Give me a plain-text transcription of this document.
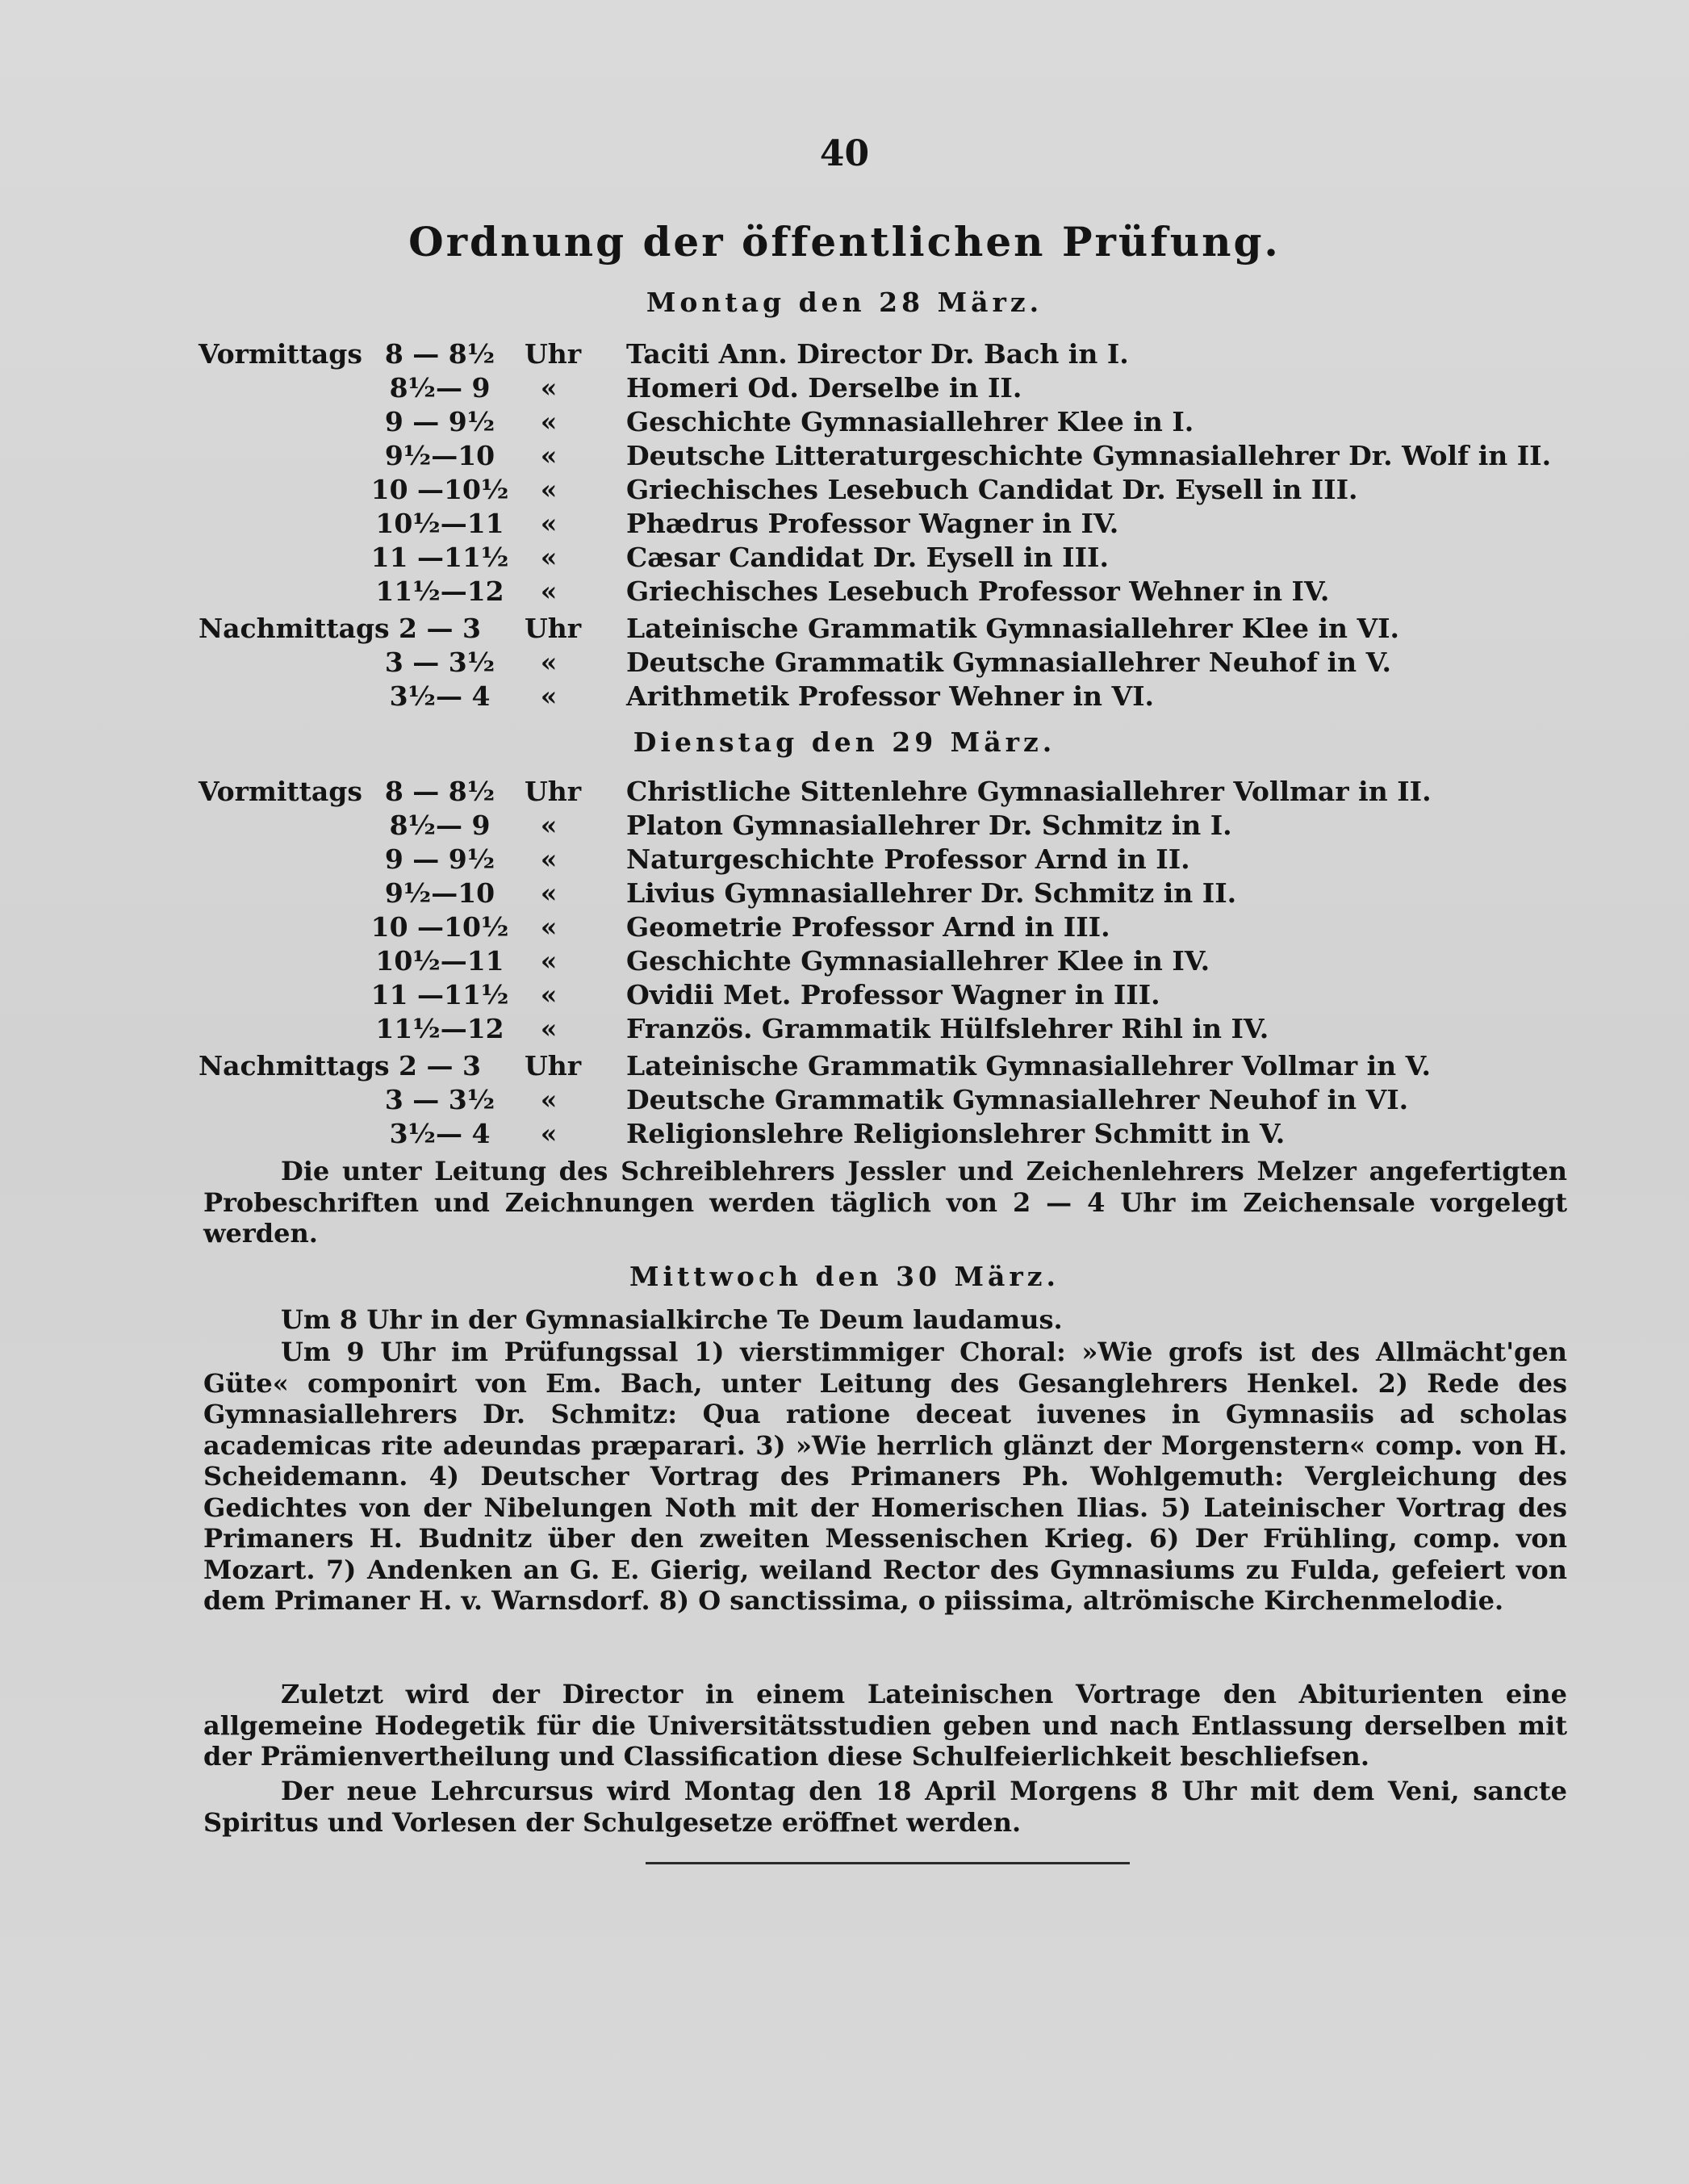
40
Ordnung der öffentlichen Prüfung.
Montag den 28 März.
Vormittags 8 — 8½	Uhr Taciti Ann. Director Dr. Bach in I.
8½— 9	«	Homeri Od. Derselbe in II.
9 — 9½	«	Geschichte Gymnasiallehrer Klee in I.
9½—10	«	Deutsche Litteraturgeschichte Gymnasiallehrer Dr. Wolf in II.
10 —10½	«	Griechisches Lesebuch Candidat Dr. Eysell in III.
10½—11	«	Phædrus Professor Wagner in IV.
11 —11½	«	Cæsar Candidat Dr. Eysell in III.
11½—12	«	Griechisches Lesebuch Professor Wehner in IV.
Nachmittags 2 — 3	Uhr Lateinische Grammatik Gymnasiallehrer Klee in VI.
3 — 3½	«	Deutsche Grammatik Gymnasiallehrer Neuhof in V.
3½— 4	«	Arithmetik Professor Wehner in VI.
Dienstag den 29 März.
Vormittags 8 — 8½	Uhr Christliche Sittenlehre Gymnasiallehrer Vollmar in II.
8½— 9	«	Platon Gymnasiallehrer Dr. Schmitz in I.
9 — 9½	«	Naturgeschichte Professor Arnd in II.
9½—10	«	Livius Gymnasiallehrer Dr. Schmitz in II.
10 —10½	«	Geometrie Professor Arnd in III.
10½—11	«	Geschichte Gymnasiallehrer Klee in IV.
11 —11½	«	Ovidii Met. Professor Wagner in III.
11½—12	«	Französ. Grammatik Hülfslehrer Rihl in IV.
Nachmittags 2 — 3	Uhr Lateinische Grammatik Gymnasiallehrer Vollmar in V.
3 — 3½	«	Deutsche Grammatik Gymnasiallehrer Neuhof in VI.
3½— 4	«	Religionslehre Religionslehrer Schmitt in V.

Die unter Leitung des Schreiblehrers Jessler und Zeichenlehrers Melzer angefertigten Probeschriften und Zeichnungen werden täglich von 2 — 4 Uhr im Zeichensale vorgelegt werden.

Mittwoch den 30 März.

Um 8 Uhr in der Gymnasialkirche Te Deum laudamus.

Um 9 Uhr im Prüfungssal 1) vierstimmiger Choral: »Wie grofs ist des Allmächt'gen Güte« componirt von Em. Bach, unter Leitung des Gesanglehrers Henkel. 2) Rede des Gymnasiallehrers Dr. Schmitz: Qua ratione deceat iuvenes in Gymnasiis ad scholas academicas rite adeundas præparari. 3) »Wie herrlich glänzt der Morgenstern« comp. von H. Scheidemann. 4) Deutscher Vortrag des Primaners Ph. Wohlgemuth: Vergleichung des Gedichtes von der Nibelungen Noth mit der Homerischen Ilias. 5) Lateinischer Vortrag des Primaners H. Budnitz über den zweiten Messenischen Krieg. 6) Der Frühling, comp. von Mozart. 7) Andenken an G. E. Gierig, weiland Rector des Gymnasiums zu Fulda, gefeiert von dem Primaner H. v. Warnsdorf. 8) O sanctissima, o piissima, altrömische Kirchenmelodie.

Zuletzt wird der Director in einem Lateinischen Vortrage den Abiturienten eine allgemeine Hodegetik für die Universitätsstudien geben und nach Entlassung derselben mit der Prämienvertheilung und Classification diese Schulfeierlichkeit beschliefsen.

Der neue Lehrcursus wird Montag den 18 April Morgens 8 Uhr mit dem Veni, sancte Spiritus und Vorlesen der Schulgesetze eröffnet werden.
